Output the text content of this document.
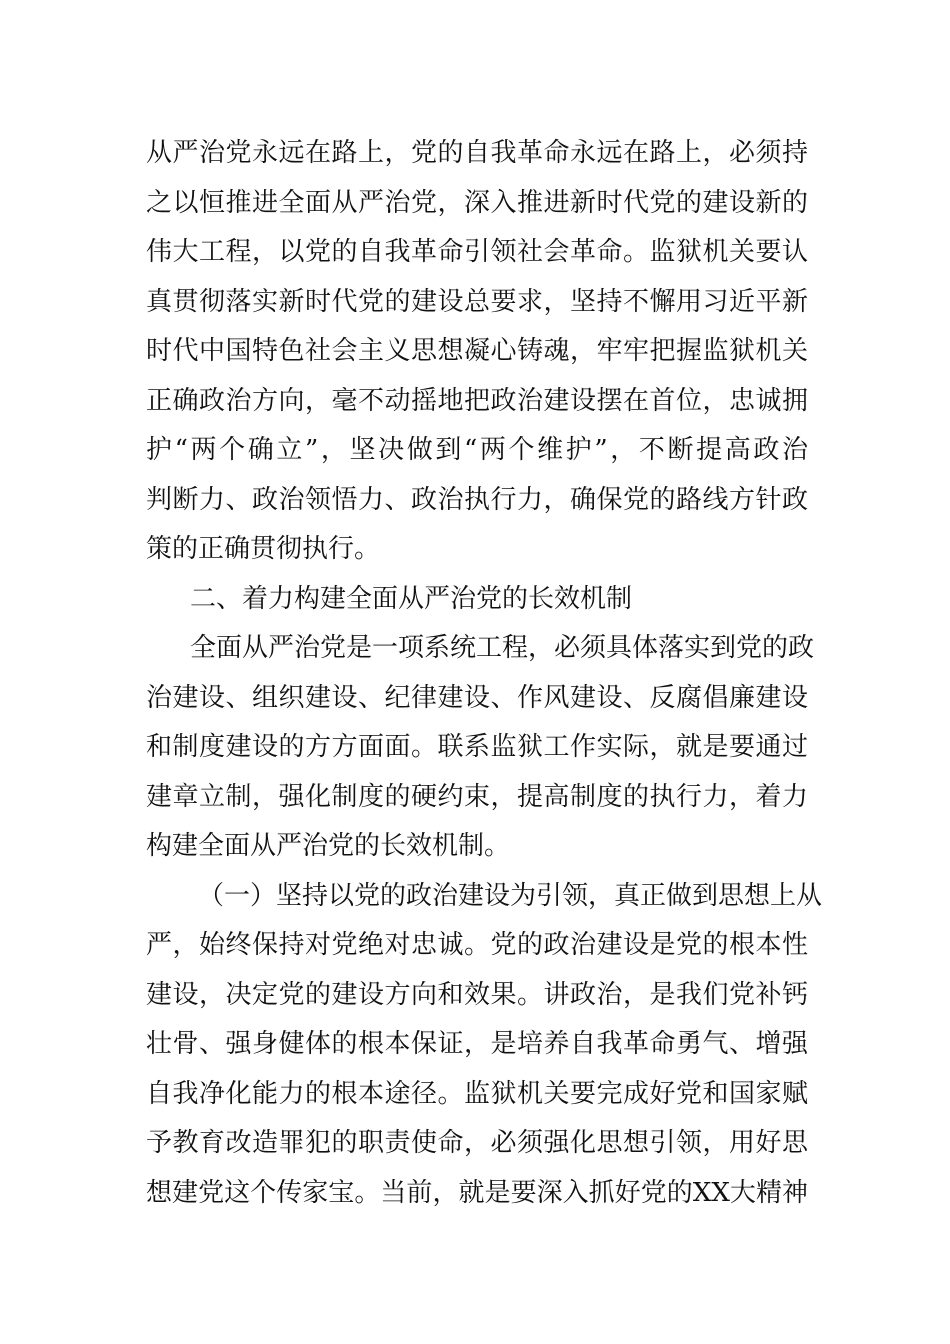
从严治党永远在路上，党的自我革命永远在路上，必须持
之以恒推进全面从严治党，深入推进新时代党的建设新的
伟大工程，以党的自我革命引领社会革命。监狱机关要认
真贯彻落实新时代党的建设总要求，坚持不懈用习近平新
时代中国特色社会主义思想凝心铸魂，牢牢把握监狱机关
正确政治方向，毫不动摇地把政治建设摆在首位，忠诚拥
护“两个确立”，坚决做到“两个维护”，不断提高政治
判断力、政治领悟力、政治执行力，确保党的路线方针政
策的正确贯彻执行。
二、着力构建全面从严治党的长效机制
全面从严治党是一项系统工程，必须具体落实到党的政
治建设、组织建设、纪律建设、作风建设、反腐倡廉建设
和制度建设的方方面面。联系监狱工作实际，就是要通过
建章立制，强化制度的硬约束，提高制度的执行力，着力
构建全面从严治党的长效机制。
（一）坚持以党的政治建设为引领，真正做到思想上从
严，始终保持对党绝对忠诚。党的政治建设是党的根本性
建设，决定党的建设方向和效果。讲政治，是我们党补钙
壮骨、强身健体的根本保证，是培养自我革命勇气、增强
自我净化能力的根本途径。监狱机关要完成好党和国家赋
予教育改造罪犯的职责使命，必须强化思想引领，用好思
想建党这个传家宝。当前，就是要深入抓好党的XX大精神
